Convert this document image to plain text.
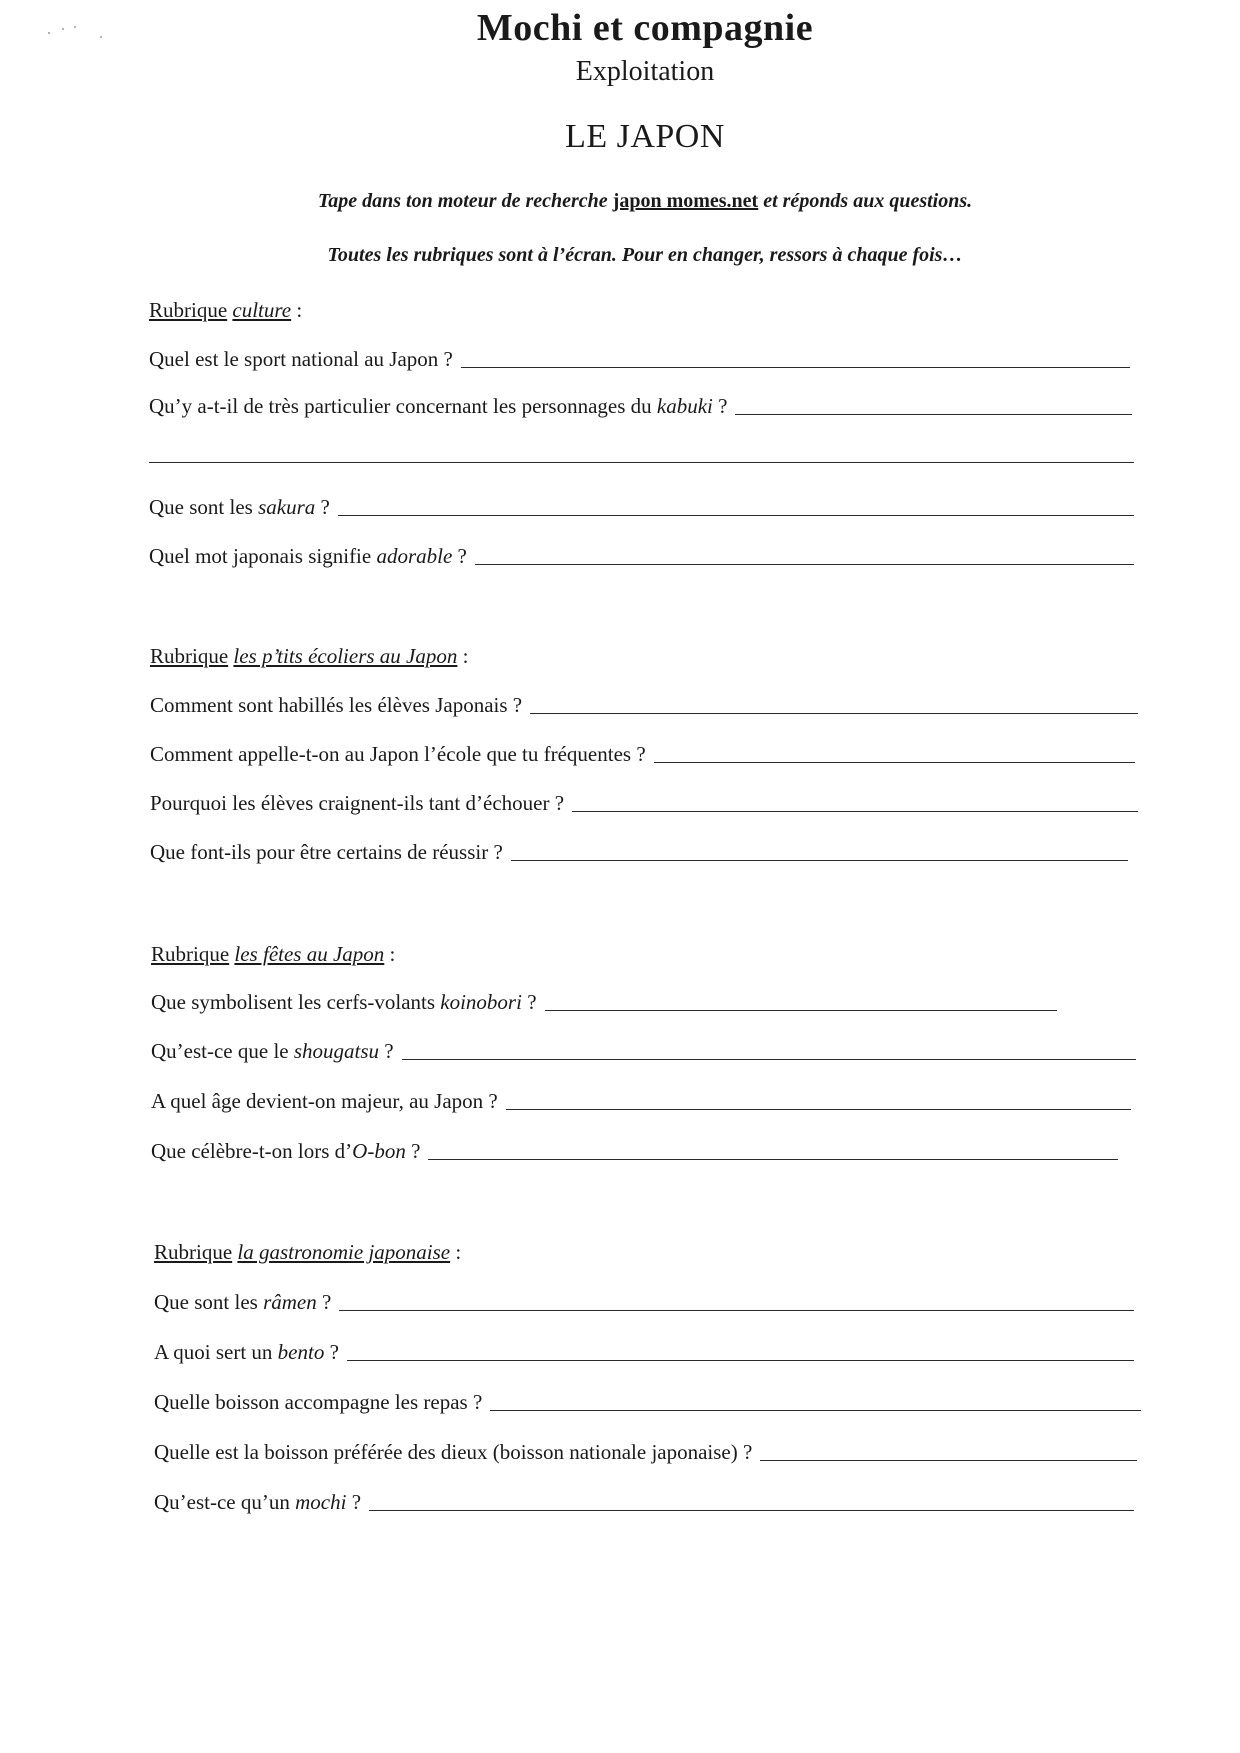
Mochi et compagnie
Exploitation
LE JAPON
Tape dans ton moteur de recherche japon momes.net et réponds aux questions.
Toutes les rubriques sont à l’écran. Pour en changer, ressors à chaque fois…
Rubrique culture :
Quel est le sport national au Japon ?
Qu’y a-t-il de très particulier concernant les personnages du kabuki ?
Que sont les sakura ?
Quel mot japonais signifie adorable ?
Rubrique les p’tits écoliers au Japon :
Comment sont habillés les élèves Japonais ?
Comment appelle-t-on au Japon l’école que tu fréquentes ?
Pourquoi les élèves craignent-ils tant d’échouer ?
Que font-ils pour être certains de réussir ?
Rubrique les fêtes au Japon :
Que symbolisent les cerfs-volants koinobori ?
Qu’est-ce que le shougatsu ?
A quel âge devient-on majeur, au Japon ?
Que célèbre-t-on lors d’O-bon ?
Rubrique la gastronomie japonaise :
Que sont les râmen ?
A quoi sert un bento ?
Quelle boisson accompagne les repas ?
Quelle est la boisson préférée des dieux (boisson nationale japonaise) ?
Qu’est-ce qu’un mochi ?
